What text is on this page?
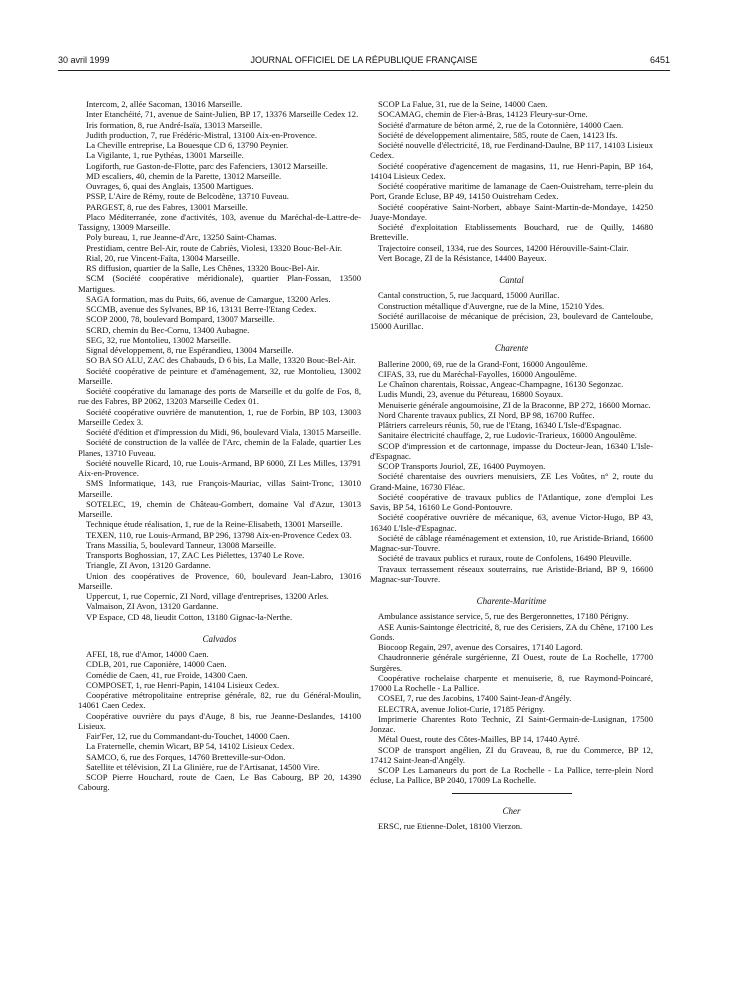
30 avril 1999	JOURNAL OFFICIEL DE LA RÉPUBLIQUE FRANÇAISE	6451
Intercom, 2, allée Sacoman, 13016 Marseille.
Inter Etanchéité, 71, avenue de Saint-Julien, BP 17, 13376 Marseille Cedex 12.
Iris formation, 8, rue André-Isaïa, 13013 Marseille.
Judith production, 7, rue Frédéric-Mistral, 13100 Aix-en-Provence.
La Cheville entreprise, La Bouesque CD 6, 13790 Peynier.
La Vigilante, 1, rue Pythéas, 13001 Marseille.
Logiforth, rue Gaston-de-Flotte, parc des Fafenciers, 13012 Marseille.
MD escaliers, 40, chemin de la Parette, 13012 Marseille.
Ouvrages, 6, quai des Anglais, 13500 Martigues.
PSSP, L'Aire de Rémy, route de Belcodène, 13710 Fuveau.
PARGEST, 8, rue des Fabres, 13001 Marseille.
Placo Méditerranée, zone d'activités, 103, avenue du Maréchal-de-Lattre-de-Tassigny, 13009 Marseille.
Poly bureau, 1, rue Jeanne-d'Arc, 13250 Saint-Chamas.
Prestidiam, centre Bel-Air, route de Cabriès, Violesi, 13320 Bouc-Bel-Air.
Rial, 20, rue Vincent-Faïta, 13004 Marseille.
RS diffusion, quartier de la Salle, Les Chênes, 13320 Bouc-Bel-Air.
SCM (Société coopérative méridionale), quartier Plan-Fossan, 13500 Martigues.
SAGA formation, mas du Puits, 66, avenue de Camargue, 13200 Arles.
SCCMB, avenue des Sylvanes, BP 16, 13131 Berre-l'Etang Cedex.
SCOP 2000, 78, boulevard Bompard, 13007 Marseille.
SCRD, chemin du Bec-Cornu, 13400 Aubagne.
SEG, 32, rue Montolieu, 13002 Marseille.
Signal développement, 8, rue Espérandieu, 13004 Marseille.
SO BA SO ALU, ZAC des Chabauds, D 6 bis, La Malle, 13320 Bouc-Bel-Air.
Société coopérative de peinture et d'aménagement, 32, rue Montolieu, 13002 Marseille.
Société coopérative du lamanage des ports de Marseille et du golfe de Fos, 8, rue des Fabres, BP 2062, 13203 Marseille Cedex 01.
Société coopérative ouvrière de manutention, 1, rue de Forbin, BP 103, 13003 Marseille Cedex 3.
Société d'édition et d'impression du Midi, 96, boulevard Viala, 13015 Marseille.
Société de construction de la vallée de l'Arc, chemin de la Falade, quartier Les Planes, 13710 Fuveau.
Société nouvelle Ricard, 10, rue Louis-Armand, BP 6000, ZI Les Milles, 13791 Aix-en-Provence.
SMS Informatique, 143, rue François-Mauriac, villas Saint-Tronc, 13010 Marseille.
SOTELEC, 19, chemin de Château-Gombert, domaine Val d'Azur, 13013 Marseille.
Technique étude réalisation, 1, rue de la Reine-Elisabeth, 13001 Marseille.
TEXEN, 110, rue Louis-Armand, BP 296, 13798 Aix-en-Provence Cedex 03.
Trans Massilia, 5, boulevard Tanneur, 13008 Marseille.
Transports Boghossian, 17, ZAC Les Piélettes, 13740 Le Rove.
Triangle, ZI Avon, 13120 Gardanne.
Union des coopératives de Provence, 60, boulevard Jean-Labro, 13016 Marseille.
Uppercut, 1, rue Copernic, ZI Nord, village d'entreprises, 13200 Arles.
Valmaison, ZI Avon, 13120 Gardanne.
VP Espace, CD 48, lieudit Cotton, 13180 Gignac-la-Nerthe.
Calvados
AFEI, 18, rue d'Amor, 14000 Caen.
CDLB, 201, rue Caponière, 14000 Caen.
Comédie de Caen, 41, rue Froide, 14300 Caen.
COMPOSET, 1, rue Henri-Papin, 14104 Lisieux Cedex.
Coopérative métropolitaine entreprise générale, 82, rue du Général-Moulin, 14061 Caen Cedex.
Coopérative ouvrière du pays d'Auge, 8 bis, rue Jeanne-Deslandes, 14100 Lisieux.
Fair'Fer, 12, rue du Commandant-du-Touchet, 14000 Caen.
La Fraternelle, chemin Wicart, BP 54, 14102 Lisieux Cedex.
SAMCO, 6, rue des Forques, 14760 Bretteville-sur-Odon.
Satellite et télévision, ZI La Glinière, rue de l'Artisanat, 14500 Vire.
SCOP Pierre Houchard, route de Caen, Le Bas Cabourg, BP 20, 14390 Cabourg.
SCOP La Falue, 31, rue de la Seine, 14000 Caen.
SOCAMAG, chemin de Fier-à-Bras, 14123 Fleury-sur-Orne.
Société d'armature de béton armé, 2, rue de la Cotonnière, 14000 Caen.
Société de développement alimentaire, 585, route de Caen, 14123 Ifs.
Société nouvelle d'électricité, 18, rue Ferdinand-Daulne, BP 117, 14103 Lisieux Cedex.
Société coopérative d'agencement de magasins, 11, rue Henri-Papin, BP 164, 14104 Lisieux Cedex.
Société coopérative maritime de lamanage de Caen-Ouistreham, terre-plein du Port, Grande Ecluse, BP 49, 14150 Ouistreham Cedex.
Société coopérative Saint-Norbert, abbaye Saint-Martin-de-Mondaye, 14250 Juaye-Mondaye.
Société d'exploitation Etablissements Bouchard, rue de Quilly, 14680 Bretteville.
Trajectoire conseil, 1334, rue des Sources, 14200 Hérouville-Saint-Clair.
Vert Bocage, ZI de la Résistance, 14400 Bayeux.
Cantal
Cantal construction, 5, rue Jacquard, 15000 Aurillac.
Construction métallique d'Auvergne, rue de la Mine, 15210 Ydes.
Société aurillacoise de mécanique de précision, 23, boulevard de Canteloube, 15000 Aurillac.
Charente
Ballerine 2000, 69, rue de la Grand-Font, 16000 Angoulême.
CIFAS, 33, rue du Maréchal-Fayolles, 16000 Angoulême.
Le Chaînon charentais, Roissac, Angeac-Champagne, 16130 Segonzac.
Ludis Mundi, 23, avenue du Pétureau, 16800 Soyaux.
Menuiserie générale angoumoisine, ZI de la Braconne, BP 272, 16600 Mornac.
Nord Charente travaux publics, ZI Nord, BP 98, 16700 Ruffec.
Plâtriers carreleurs réunis, 50, rue de l'Etang, 16340 L'Isle-d'Espagnac.
Sanitaire électricité chauffage, 2, rue Ludovic-Trarieux, 16000 Angoulême.
SCOP d'impression et de cartonnage, impasse du Docteur-Jean, 16340 L'Isle-d'Espagnac.
SCOP Transports Jouriol, ZE, 16400 Puymoyen.
Société charentaise des ouvriers menuisiers, ZE Les Voûtes, n° 2, route du Grand-Maine, 16730 Fléac.
Société coopérative de travaux publics de l'Atlantique, zone d'emploi Les Savis, BP 54, 16160 Le Gond-Pontouvre.
Société coopérative ouvrière de mécanique, 63, avenue Victor-Hugo, BP 43, 16340 L'Isle-d'Espagnac.
Société de câblage réaménagement et extension, 10, rue Aristide-Briand, 16600 Magnac-sur-Touvre.
Société de travaux publics et ruraux, route de Confolens, 16490 Pleuville.
Travaux terrassement réseaux souterrains, rue Aristide-Briand, BP 9, 16600 Magnac-sur-Touvre.
Charente-Maritime
Ambulance assistance service, 5, rue des Bergeronnettes, 17180 Périgny.
ASE Aunis-Saintonge électricité, 8, rue des Cerisiers, ZA du Chêne, 17100 Les Gonds.
Biocoop Regain, 297, avenue des Corsaires, 17140 Lagord.
Chaudronnerie générale surgérienne, ZI Ouest, route de La Rochelle, 17700 Surgères.
Coopérative rochelaise charpente et menuiserie, 8, rue Raymond-Poincaré, 17000 La Rochelle - La Pallice.
COSEI, 7, rue des Jacobins, 17400 Saint-Jean-d'Angély.
ELECTRA, avenue Joliot-Curie, 17185 Périgny.
Imprimerie Charentes Roto Technic, ZI Saint-Germain-de-Lusignan, 17500 Jonzac.
Métal Ouest, route des Côtes-Mailles, BP 14, 17440 Aytré.
SCOP de transport angélien, ZI du Graveau, 8, rue du Commerce, BP 12, 17412 Saint-Jean-d'Angély.
SCOP Les Lamaneurs du port de La Rochelle - La Pallice, terre-plein Nord écluse, La Pallice, BP 2040, 17009 La Rochelle.
Cher
ERSC, rue Etienne-Dolet, 18100 Vierzon.
